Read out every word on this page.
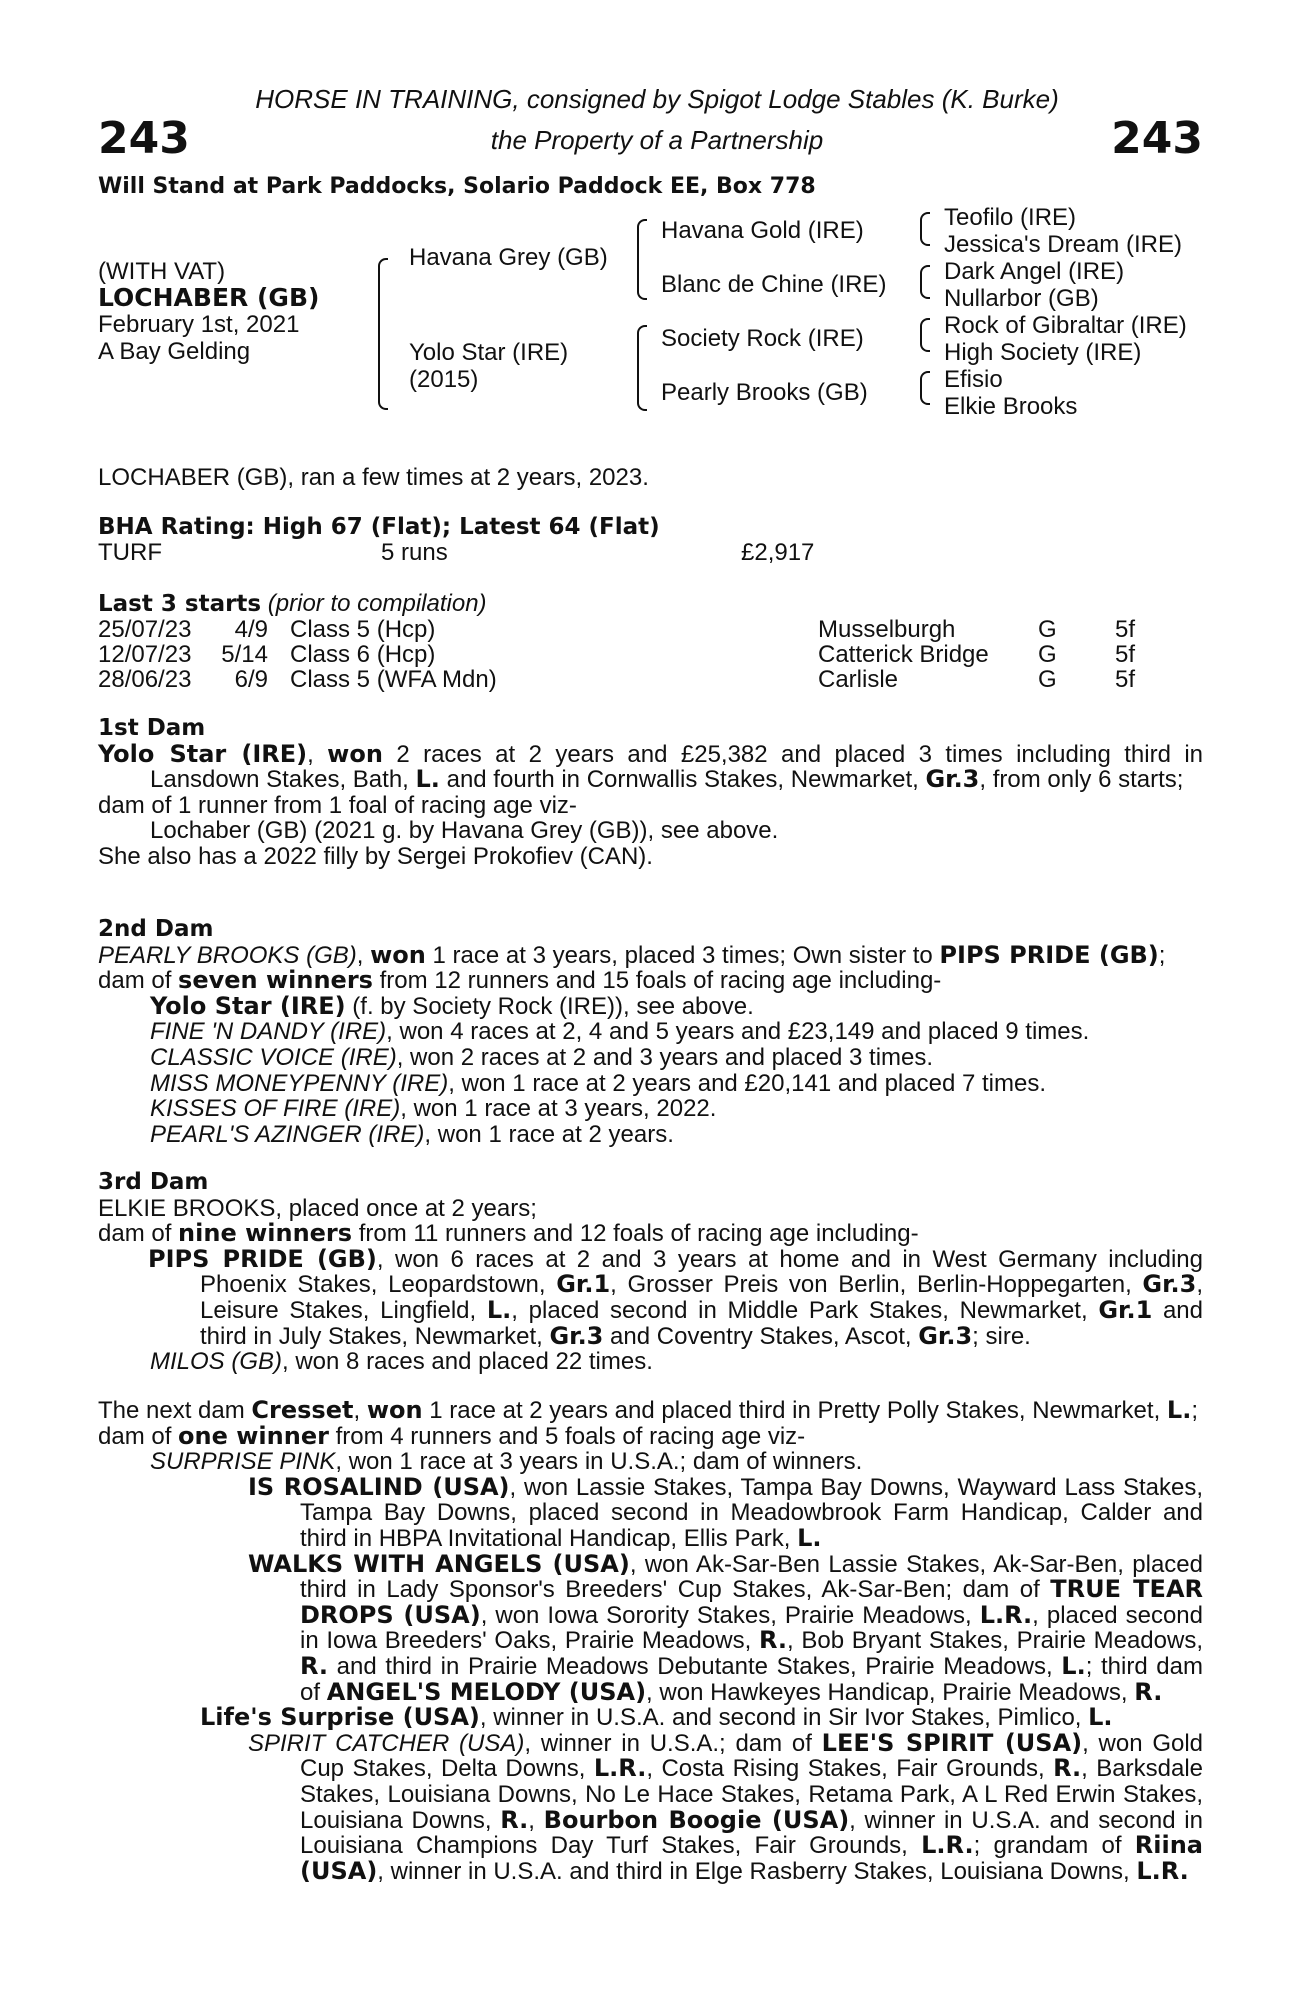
243	243
HORSE IN TRAINING, consigned by Spigot Lodge Stables (K. Burke)
the Property of a Partnership
Will Stand at Park Paddocks, Solario Paddock EE, Box 778
(WITH VAT)
LOCHABER (GB)
February 1st, 2021
A Bay Gelding
Havana Grey (GB)
Yolo Star (IRE)
(2015)
Havana Gold (IRE)
Blanc de Chine (IRE)
Society Rock (IRE)
Pearly Brooks (GB)
Teofilo (IRE)
Jessica's Dream (IRE)
Dark Angel (IRE)
Nullarbor (GB)
Rock of Gibraltar (IRE)
High Society (IRE)
Efisio
Elkie Brooks
LOCHABER (GB), ran a few times at 2 years, 2023.
BHA Rating: High 67 (Flat); Latest 64 (Flat)
TURF	5 runs	£2,917
Last 3 starts (prior to compilation)
25/07/23	4/9 Class 5 (Hcp)	Musselburgh	G 5f
12/07/23	5/14 Class 6 (Hcp)	Catterick Bridge G 5f
28/06/23	6/9 Class 5 (WFA Mdn)	Carlisle	G 5f

1st Dam

Yolo Star (IRE), won 2 races at 2 years and £25,382 and placed 3 times including third in Lansdown Stakes, Bath, L. and fourth in Cornwallis Stakes, Newmarket, Gr.3, from only 6 starts;

dam of 1 runner from 1 foal of racing age viz-

Lochaber (GB) (2021 g. by Havana Grey (GB)), see above.

She also has a 2022 filly by Sergei Prokofiev (CAN).

2nd Dam

PEARLY BROOKS (GB), won 1 race at 3 years, placed 3 times; Own sister to PIPS PRIDE (GB);

dam of seven winners from 12 runners and 15 foals of racing age including-

Yolo Star (IRE) (f. by Society Rock (IRE)), see above.

FINE 'N DANDY (IRE), won 4 races at 2, 4 and 5 years and £23,149 and placed 9 times.

CLASSIC VOICE (IRE), won 2 races at 2 and 3 years and placed 3 times.

MISS MONEYPENNY (IRE), won 1 race at 2 years and £20,141 and placed 7 times.

KISSES OF FIRE (IRE), won 1 race at 3 years, 2022.

PEARL'S AZINGER (IRE), won 1 race at 2 years.

3rd Dam

ELKIE BROOKS, placed once at 2 years;

dam of nine winners from 11 runners and 12 foals of racing age including-

PIPS PRIDE (GB), won 6 races at 2 and 3 years at home and in West Germany including Phoenix Stakes, Leopardstown, Gr.1, Grosser Preis von Berlin, Berlin-Hoppegarten, Gr.3, Leisure Stakes, Lingfield, L., placed second in Middle Park Stakes, Newmarket, Gr.1 and third in July Stakes, Newmarket, Gr.3 and Coventry Stakes, Ascot, Gr.3; sire.

MILOS (GB), won 8 races and placed 22 times.

The next dam Cresset, won 1 race at 2 years and placed third in Pretty Polly Stakes, Newmarket, L.;

dam of one winner from 4 runners and 5 foals of racing age viz-

SURPRISE PINK, won 1 race at 3 years in U.S.A.; dam of winners.

IS ROSALIND (USA), won Lassie Stakes, Tampa Bay Downs, Wayward Lass Stakes, Tampa Bay Downs, placed second in Meadowbrook Farm Handicap, Calder and third in HBPA Invitational Handicap, Ellis Park, L.

WALKS WITH ANGELS (USA), won Ak-Sar-Ben Lassie Stakes, Ak-Sar-Ben, placed third in Lady Sponsor's Breeders' Cup Stakes, Ak-Sar-Ben; dam of TRUE TEAR DROPS (USA), won Iowa Sorority Stakes, Prairie Meadows, L.R., placed second in Iowa Breeders' Oaks, Prairie Meadows, R., Bob Bryant Stakes, Prairie Meadows, R. and third in Prairie Meadows Debutante Stakes, Prairie Meadows, L.; third dam of ANGEL'S MELODY (USA), won Hawkeyes Handicap, Prairie Meadows, R.

Life's Surprise (USA), winner in U.S.A. and second in Sir Ivor Stakes, Pimlico, L.

SPIRIT CATCHER (USA), winner in U.S.A.; dam of LEE'S SPIRIT (USA), won Gold Cup Stakes, Delta Downs, L.R., Costa Rising Stakes, Fair Grounds, R., Barksdale Stakes, Louisiana Downs, No Le Hace Stakes, Retama Park, A L Red Erwin Stakes, Louisiana Downs, R., Bourbon Boogie (USA), winner in U.S.A. and second in Louisiana Champions Day Turf Stakes, Fair Grounds, L.R.; grandam of Riina (USA), winner in U.S.A. and third in Elge Rasberry Stakes, Louisiana Downs, L.R.
